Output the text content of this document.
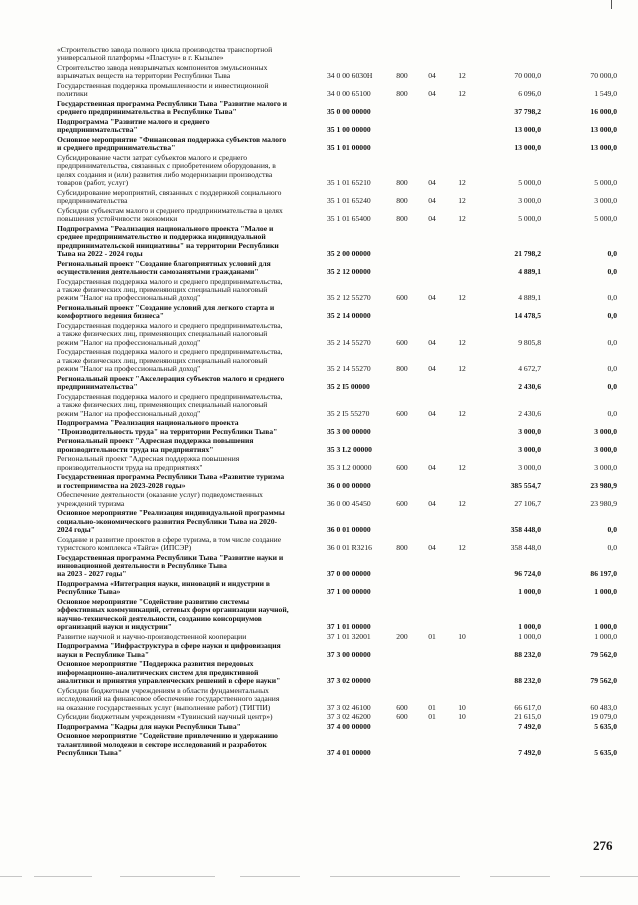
«Строительство завода полного цикла производства транспортной
универсальной платформы «Пластун» в г. Кызыле»
Строительство завода невзрывчатых компонентов эмульсионных
взрывчатых веществ на территории Республики Тыва	34 0 00 6030Н	800	04	12	70 000,0	70 000,0
Государственная поддержка промышленности и инвестиционной
политики	34 0 00 65100	800	04	12	6 096,0	1 549,0
Государственная программа Республики Тыва "Развитие малого и
среднего предпринимательства в Республике Тыва"	35 0 00 00000	37 798,2	16 000,0
Подпрограмма "Развитие малого и среднего
предпринимательства"	35 1 00 00000	13 000,0	13 000,0
Основное мероприятие "Финансовая поддержка субъектов малого
и среднего предпринимательства"	35 1 01 00000	13 000,0	13 000,0
Субсидирование части затрат субъектов малого и среднего
предпринимательства, связанных с приобретением оборудования, в
целях создания и (или) развития либо модернизации производства
товаров (работ, услуг)	35 1 01 65210	800	04	12	5 000,0	5 000,0
Субсидирование мероприятий, связанных с поддержкой социального
предпринимательства	35 1 01 65240	800	04	12	3 000,0	3 000,0
Субсидии субъектам малого и среднего предпринимательства в целях
повышения устойчивости экономики	35 1 01 65400	800	04	12	5 000,0	5 000,0
Подпрограмма "Реализация национального проекта "Малое и
среднее предпринимательство и поддержка индивидуальной
предпринимательской инициативы" на территории Республики
Тыва на 2022 - 2024 годы	35 2 00 00000	21 798,2	0,0
Региональный проект "Создание благоприятных условий для
осуществления деятельности самозанятыми гражданами"	35 2 12 00000	4 889,1	0,0
Государственная поддержка малого и среднего предпринимательства,
а также физических лиц, применяющих специальный налоговый
режим "Налог на профессиональный доход"	35 2 12 55270	600	04	12	4 889,1	0,0
Региональный проект "Создание условий для легкого старта и
комфортного ведения бизнеса"	35 2 14 00000	14 478,5	0,0
Государственная поддержка малого и среднего предпринимательства,
а также физических лиц, применяющих специальный налоговый
режим "Налог на профессиональный доход"	35 2 14 55270	600	04	12	9 805,8	0,0
Государственная поддержка малого и среднего предпринимательства,
а также физических лиц, применяющих специальный налоговый
режим "Налог на профессиональный доход"	35 2 14 55270	800	04	12	4 672,7	0,0
Региональный проект "Акселерация субъектов малого и среднего
предпринимательства"	35 2 I5 00000	2 430,6	0,0
Государственная поддержка малого и среднего предпринимательства,
а также физических лиц, применяющих специальный налоговый
режим "Налог на профессиональный доход"	35 2 I5 55270	600	04	12	2 430,6	0,0
Подпрограмма "Реализация национального проекта
"Производительность труда" на территории Республики Тыва"	35 3 00 00000	3 000,0	3 000,0
Региональный проект "Адресная поддержка повышения
производительности труда на предприятиях"	35 3 L2 00000	3 000,0	3 000,0
Региональный проект "Адресная поддержка повышения
производительности труда на предприятиях"	35 3 L2 00000	600	04	12	3 000,0	3 000,0
Государственная программа Республики Тыва «Развитие туризма
и гостеприимства на 2023-2028 годы»	36 0 00 00000	385 554,7	23 980,9
Обеспечение деятельности (оказание услуг) подведомственных
учреждений туризма	36 0 00 45450	600	04	12	27 106,7	23 980,9
Основное мероприятие "Реализация индивидуальной программы
социально-экономического развития Республики Тыва на 2020-
2024 годы"	36 0 01 00000	358 448,0	0,0
Создание и развитие проектов в сфере туризма, в том числе создание
туристского комплекса «Тайга» (ИПСЭР)	36 0 01 R3216	800	04	12	358 448,0	0,0
Государственная программа Республики Тыва "Развитие науки и
инновационной деятельности в Республике Тыва
на 2023 - 2027 годы"	37 0 00 00000	96 724,0	86 197,0
Подпрограмма «Интеграция науки, инноваций и индустрии в
Республике Тыва»	37 1 00 00000	1 000,0	1 000,0
Основное мероприятие "Содействие развитию системы
эффективных коммуникаций, сетевых форм организации научной,
научно-технической деятельности, созданию консорциумов
организаций науки и индустрии"	37 1 01 00000	1 000,0	1 000,0
Развитие научной и научно-производственной кооперации	37 1 01 32001	200	01	10	1 000,0	1 000,0
Подпрограмма "Инфраструктура в сфере науки и цифровизация
науки в Республике Тыва"	37 3 00 00000	88 232,0	79 562,0
Основное мероприятие "Поддержка развития передовых
информационно-аналитических систем для предиктивной
аналитики и принятия управленческих решений в сфере науки"	37 3 02 00000	88 232,0	79 562,0
Субсидии бюджетным учреждениям в области фундаментальных
исследований на финансовое обеспечение государственного задания
на оказание государственных услуг (выполнение работ) (ТИГПИ)	37 3 02 46100	600	01	10	66 617,0	60 483,0
Субсидии бюджетным учреждениям «Тувинский научный центр»)	37 3 02 46200	600	01	10	21 615,0	19 079,0
Подпрограмма "Кадры для науки Республики Тыва"	37 4 00 00000	7 492,0	5 635,0
Основное мероприятие "Содействие привлечению и удержанию
талантливой молодежи в секторе исследований и разработок
Республики Тыва"	37 4 01 00000	7 492,0	5 635,0
276
